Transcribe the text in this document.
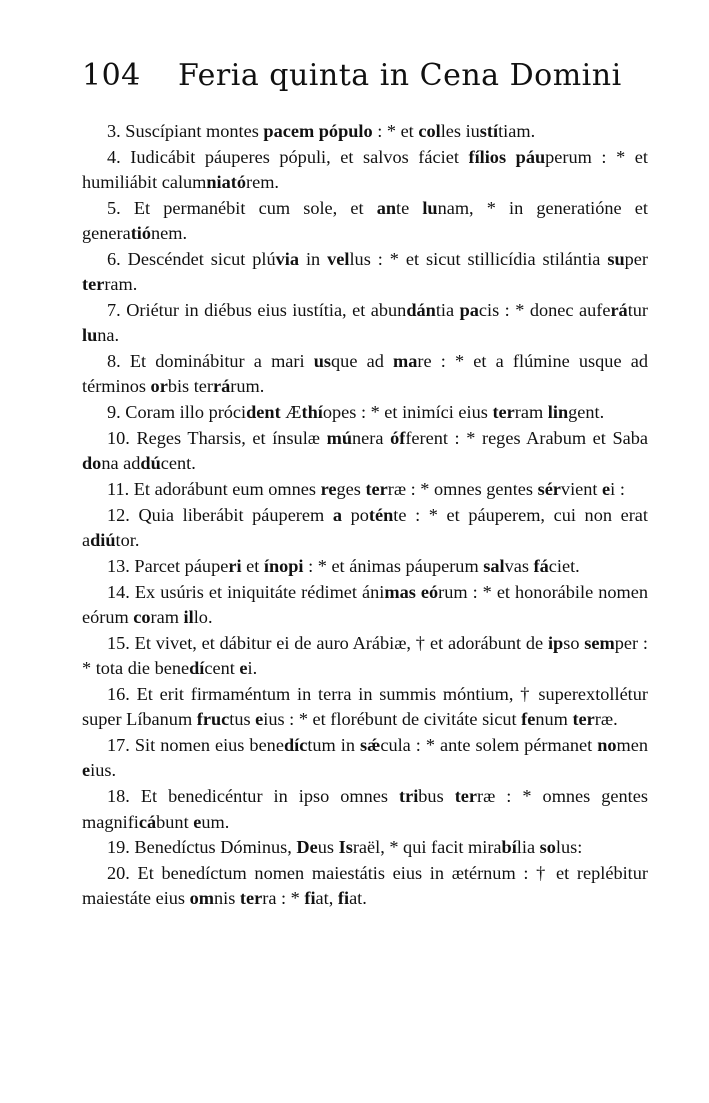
104	Feria quinta in Cena Domini

3. Suscípiant montes pacem pópulo : * et colles iustítiam.

4. Iudicábit páuperes pópuli, et salvos fáciet fílios páuperum : * et humiliábit calumniatórem.

5. Et permanébit cum sole, et ante lunam, * in generatióne et generatiónem.

6. Descéndet sicut plúvia in vellus : * et sicut stillicídia stilántia super terram.

7. Oriétur in diébus eius iustítia, et abundántia pacis : * donec auferátur luna.

8. Et dominábitur a mari usque ad mare : * et a flúmine usque ad términos orbis terrárum.

9. Coram illo prócident Æthíopes : * et inimíci eius terram lingent.

10. Reges Tharsis, et ínsulæ múnera ófferent : * reges Arabum et Saba dona addúcent.

11. Et adorábunt eum omnes reges terræ : * omnes gentes sérvient ei :

12. Quia liberábit páuperem a poténte : * et páuperem, cui non erat adiútor.

13. Parcet páuperi et ínopi : * et ánimas páuperum salvas fáciet.

14. Ex usúris et iniquitáte rédimet ánimas eórum : * et honorábile nomen eórum coram illo.

15. Et vivet, et dábitur ei de auro Arábiæ, † et adorábunt de ipso semper : * tota die benedícent ei.

16. Et erit firmaméntum in terra in summis móntium, † superextollétur super Líbanum fructus eius : * et florébunt de civitáte sicut fenum terræ.

17. Sit nomen eius benedíctum in sǽcula : * ante solem pérmanet nomen eius.

18. Et benedicéntur in ipso omnes tribus terræ : * omnes gentes magnificábunt eum.

19. Benedíctus Dóminus, Deus Israël, * qui facit mirabília solus:

20. Et benedíctum nomen maiestátis eius in ætérnum : † et replébitur maiestáte eius omnis terra : * fiat, fiat.
